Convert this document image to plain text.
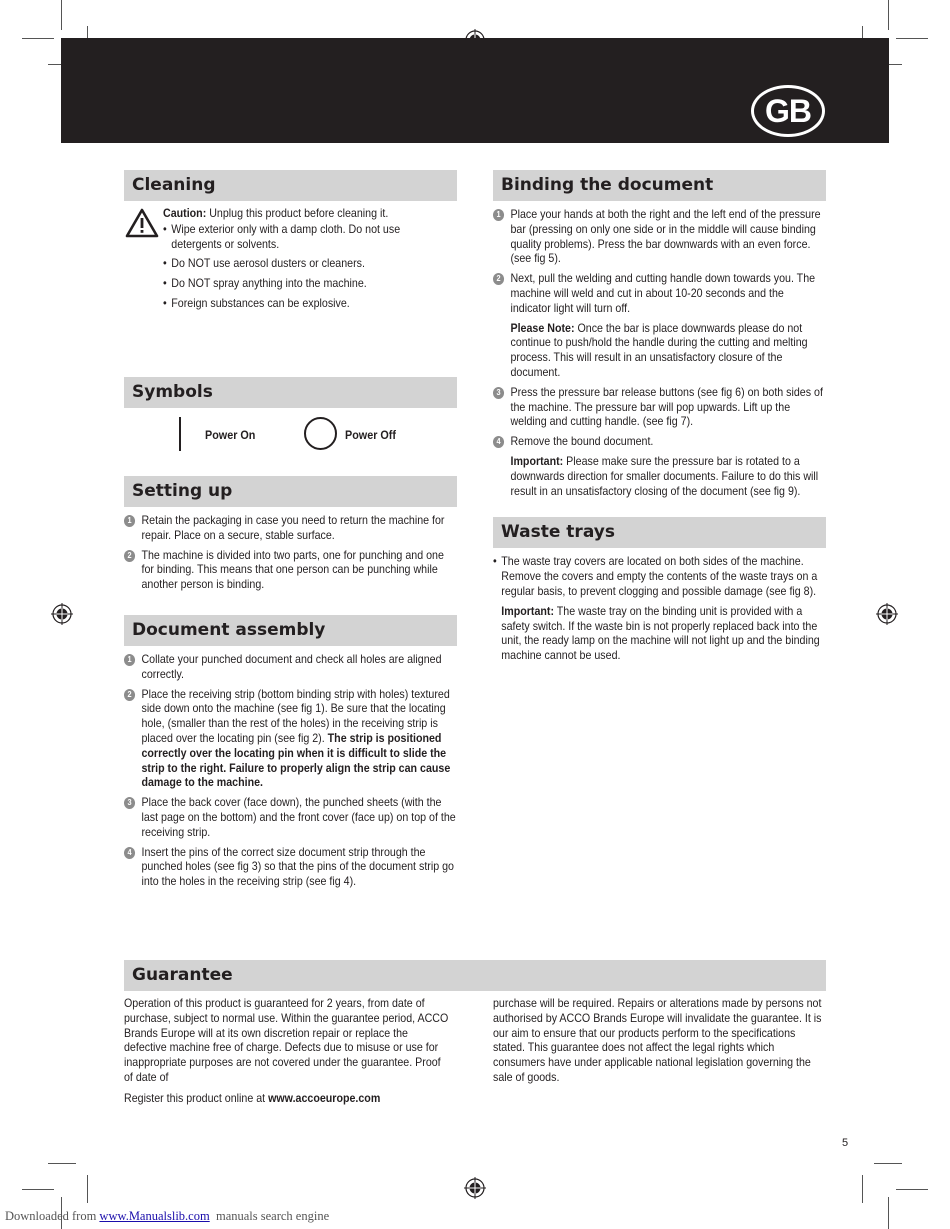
GB
Cleaning
Caution: Unplug this product before cleaning it.
• Wipe exterior only with a damp cloth. Do not use detergents or solvents.
• Do NOT use aerosol dusters or cleaners.
• Do NOT spray anything into the machine.
• Foreign substances can be explosive.
Symbols
Power On	Power Off
Setting up
1 Retain the packaging in case you need to return the machine for repair. Place on a secure, stable surface.
2 The machine is divided into two parts, one for punching and one for binding. This means that one person can be punching while another person is binding.
Document assembly
1 Collate your punched document and check all holes are aligned correctly.
2 Place the receiving strip (bottom binding strip with holes) textured side down onto the machine (see fig 1). Be sure that the locating hole, (smaller than the rest of the holes) in the receiving strip is placed over the locating pin (see fig 2). The strip is positioned correctly over the locating pin when it is difficult to slide the strip to the right. Failure to properly align the strip can cause damage to the machine.
3 Place the back cover (face down), the punched sheets (with the last page on the bottom) and the front cover (face up) on top of the receiving strip.
4 Insert the pins of the correct size document strip through the punched holes (see fig 3) so that the pins of the document strip go into the holes in the receiving strip (see fig 4).
Binding the document
1 Place your hands at both the right and the left end of the pressure bar (pressing on only one side or in the middle will cause binding quality problems). Press the bar downwards with an even force. (see fig 5).
2 Next, pull the welding and cutting handle down towards you. The machine will weld and cut in about 10-20 seconds and the indicator light will turn off.
Please Note: Once the bar is place downwards please do not continue to push/hold the handle during the cutting and melting process. This will result in an unsatisfactory closure of the document.
3 Press the pressure bar release buttons (see fig 6) on both sides of the machine. The pressure bar will pop upwards. Lift up the welding and cutting handle. (see fig 7).
4 Remove the bound document.
Important: Please make sure the pressure bar is rotated to a downwards direction for smaller documents. Failure to do this will result in an unsatisfactory closing of the document (see fig 9).
Waste trays
• The waste tray covers are located on both sides of the machine. Remove the covers and empty the contents of the waste trays on a regular basis, to prevent clogging and possible damage (see fig 8).
Important: The waste tray on the binding unit is provided with a safety switch. If the waste bin is not properly replaced back into the unit, the ready lamp on the machine will not light up and the binding machine cannot be used.
Guarantee
Operation of this product is guaranteed for 2 years, from date of purchase, subject to normal use. Within the guarantee period, ACCO Brands Europe will at its own discretion repair or replace the defective machine free of charge. Defects due to misuse or use for inappropriate purposes are not covered under the guarantee. Proof of date of
Register this product online at www.accoeurope.com
purchase will be required. Repairs or alterations made by persons not authorised by ACCO Brands Europe will invalidate the guarantee. It is our aim to ensure that our products perform to the specifications stated. This guarantee does not affect the legal rights which consumers have under applicable national legislation governing the sale of goods.
5
Downloaded from www.Manualslib.com  manuals search engine
